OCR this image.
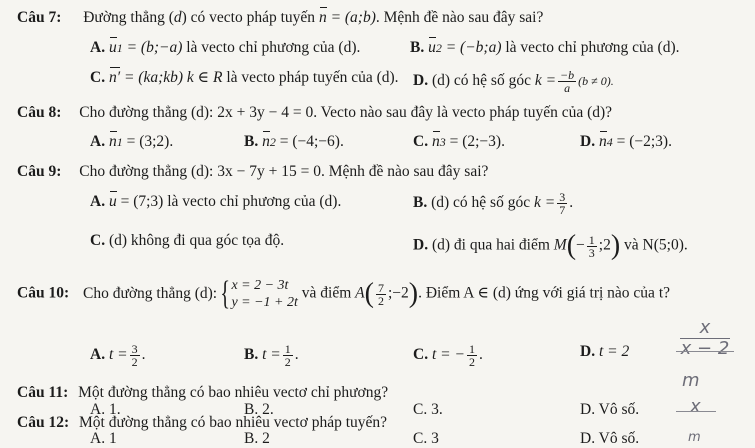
Câu 7: Đường thẳng (d) có vecto pháp tuyến n = (a;b). Mệnh đề nào sau đây sai?
A. u1 = (b;−a) là vecto chỉ phương của (d).	B. u2 = (−b;a) là vecto chỉ phương của (d).
C. n′ = (ka;kb) k ∈ R là vecto pháp tuyến của (d). D. (d) có hệ số góc $k = \frac{-b}{a} (b \ne 0)$.
Câu 8: Cho đường thẳng (d): 2x + 3y − 4 = 0. Vecto nào sau đây là vecto pháp tuyến của (d)?
A. n1 = (3;2).	B. n2 = (−4;−6).	C. n3 = (2;−3).	D. n4 = (−2;3).
Câu 9: Cho đường thẳng (d): 3x − 7y + 15 = 0. Mệnh đề nào sau đây sai?
A. u = (7;3) là vecto chỉ phương của (d).	B. (d) có hệ số góc $k = \frac{3}{7}$ .
C. (d) không đi qua góc tọa độ.	D. (d) đi qua hai điểm $M(- \frac{1}{3}$ ;2) và N(5;0).
Câu 10: Cho đường thẳng (d):{ x = 2 − 3t
y = −1 + 2t
và điểm $A( \frac{7}{2}$ ;−2). Điểm A ∈ (d) ứng với giá trị nào của t?
A. $t = \frac{3}{2}$ .	B. $t = \frac{1}{2}$ .	C. t = − $\frac{1}{2}$ .	D. t = 2
Câu 11: Một đường thẳng có bao nhiêu vectơ chỉ phương?
A. 1.	B. 2.	C. 3.	D. Vô số.
Câu 12: Một đường thẳng có bao nhiêu vectơ pháp tuyến?
A. 1	B. 2	C. 3	D. Vô số.
x
x − 2
m
x
m
